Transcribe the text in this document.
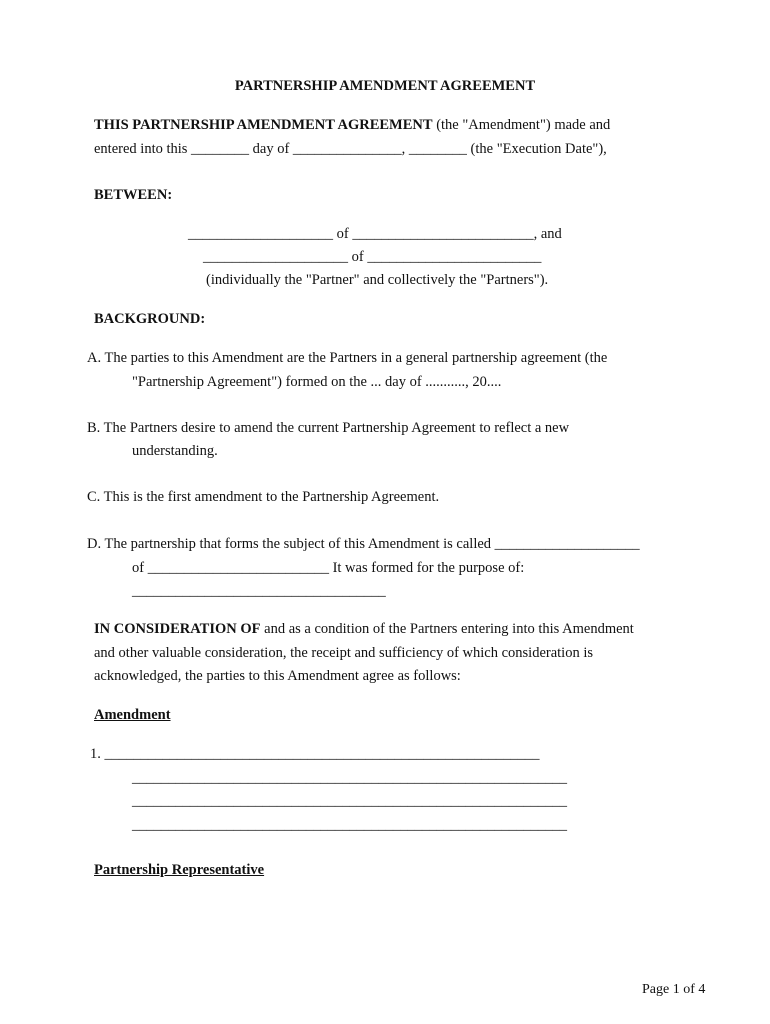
PARTNERSHIP AMENDMENT AGREEMENT
THIS PARTNERSHIP AMENDMENT AGREEMENT (the "Amendment") made and
entered into this ________ day of _______________, ________ (the "Execution Date"),
BETWEEN:
____________________ of _________________________, and
____________________ of ________________________
(individually the "Partner" and collectively the "Partners").
BACKGROUND:
A. The parties to this Amendment are the Partners in a general partnership agreement (the
"Partnership Agreement") formed on the ... day of ..........., 20....
B. The Partners desire to amend the current Partnership Agreement to reflect a new
understanding.
C. This is the first amendment to the Partnership Agreement.
D. The partnership that forms the subject of this Amendment is called ____________________
of _________________________ It was formed for the purpose of:
___________________________________
IN CONSIDERATION OF and as a condition of the Partners entering into this Amendment
and other valuable consideration, the receipt and sufficiency of which consideration is
acknowledged, the parties to this Amendment agree as follows:
Amendment
1. ____________________________________________________________
____________________________________________________________
____________________________________________________________
____________________________________________________________
Partnership Representative
Page 1 of 4
